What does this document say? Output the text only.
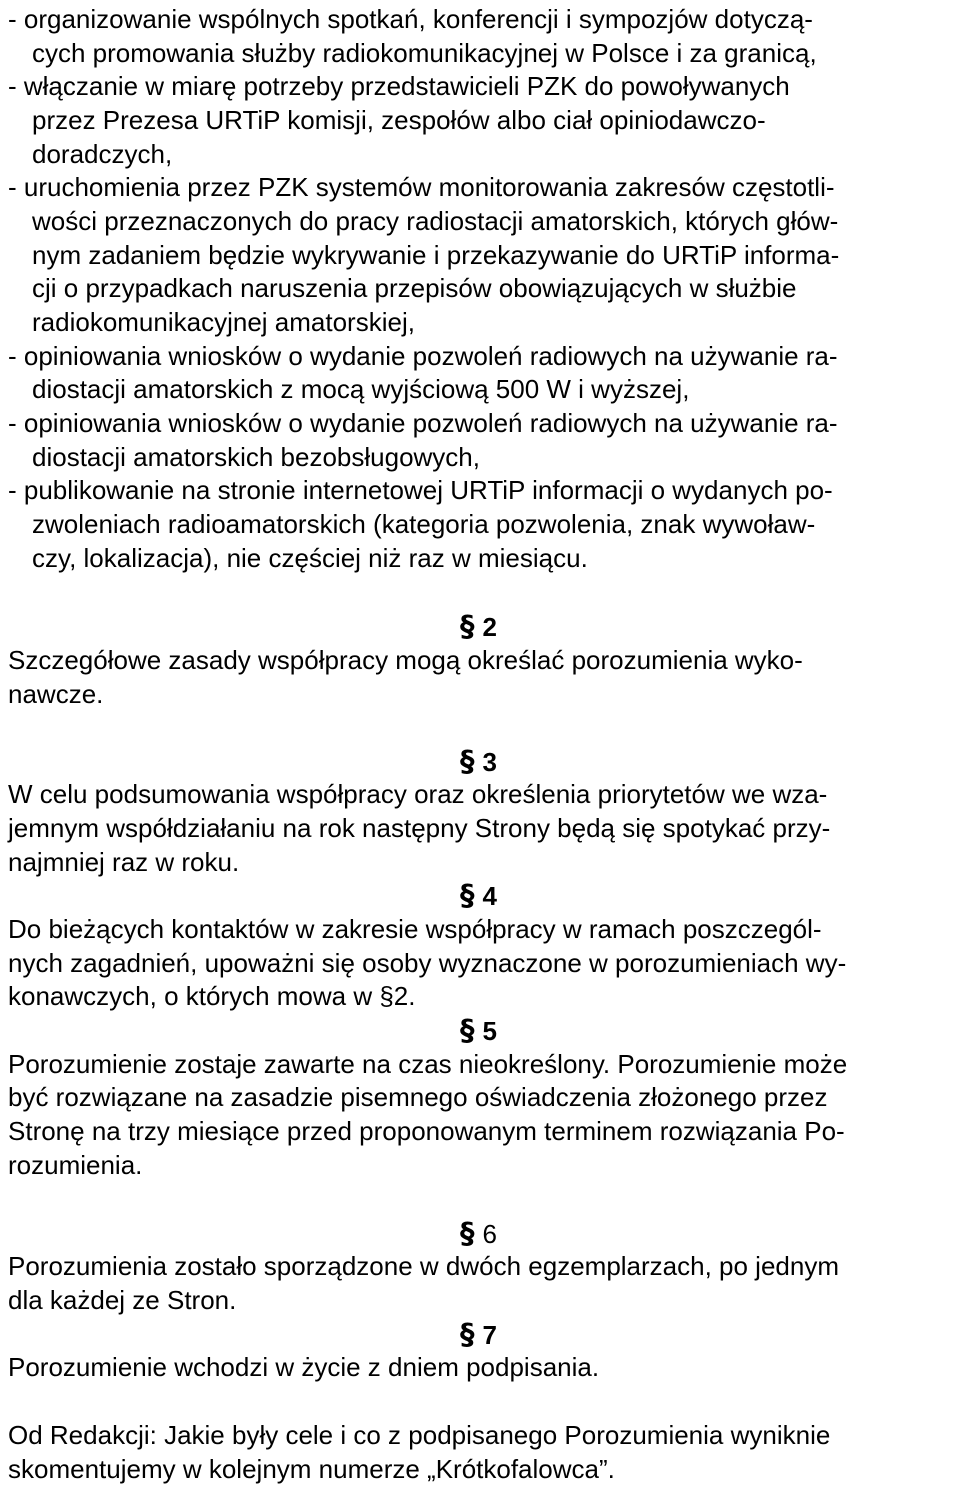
- organizowanie wspólnych spotkań, konferencji i sympozjów dotyczą-
cych promowania służby radiokomunikacyjnej w Polsce i za granicą,
- włączanie w miarę potrzeby przedstawicieli PZK do powoływanych
przez Prezesa URTiP komisji, zespołów albo ciał opiniodawczo-
doradczych,
- uruchomienia przez PZK systemów monitorowania zakresów częstotli-
wości przeznaczonych do pracy radiostacji amatorskich, których głów-
nym zadaniem będzie wykrywanie i przekazywanie do URTiP informa-
cji o przypadkach naruszenia przepisów obowiązujących w służbie
radiokomunikacyjnej amatorskiej,
- opiniowania wniosków o wydanie pozwoleń radiowych na używanie ra-
diostacji amatorskich z mocą wyjściową 500 W i wyższej,
- opiniowania wniosków o wydanie pozwoleń radiowych na używanie ra-
diostacji amatorskich bezobsługowych,
- publikowanie na stronie internetowej URTiP informacji o wydanych po-
zwoleniach radioamatorskich (kategoria pozwolenia, znak wywoław-
czy, lokalizacja), nie częściej niż raz w miesiącu.
§ 2
Szczegółowe zasady współpracy mogą określać porozumienia wyko-
nawcze.
§ 3
W celu podsumowania współpracy oraz określenia priorytetów we wza-
jemnym współdziałaniu na rok następny Strony będą się spotykać przy-
najmniej raz w roku.
§ 4
Do bieżących kontaktów w zakresie współpracy w ramach poszczegól-
nych zagadnień, upoważni się osoby wyznaczone w porozumieniach wy-
konawczych, o których mowa w §2.
§ 5
Porozumienie zostaje zawarte na czas nieokreślony. Porozumienie może
być rozwiązane na zasadzie pisemnego oświadczenia złożonego przez
Stronę na trzy miesiące przed proponowanym terminem rozwiązania Po-
rozumienia.
§ 6
Porozumienia zostało sporządzone w dwóch egzemplarzach, po jednym
dla każdej ze Stron.
§ 7
Porozumienie wchodzi w życie z dniem podpisania.
Od Redakcji: Jakie były cele i co z podpisanego Porozumienia wyniknie
skomentujemy w kolejnym numerze „Krótkofalowca”.
